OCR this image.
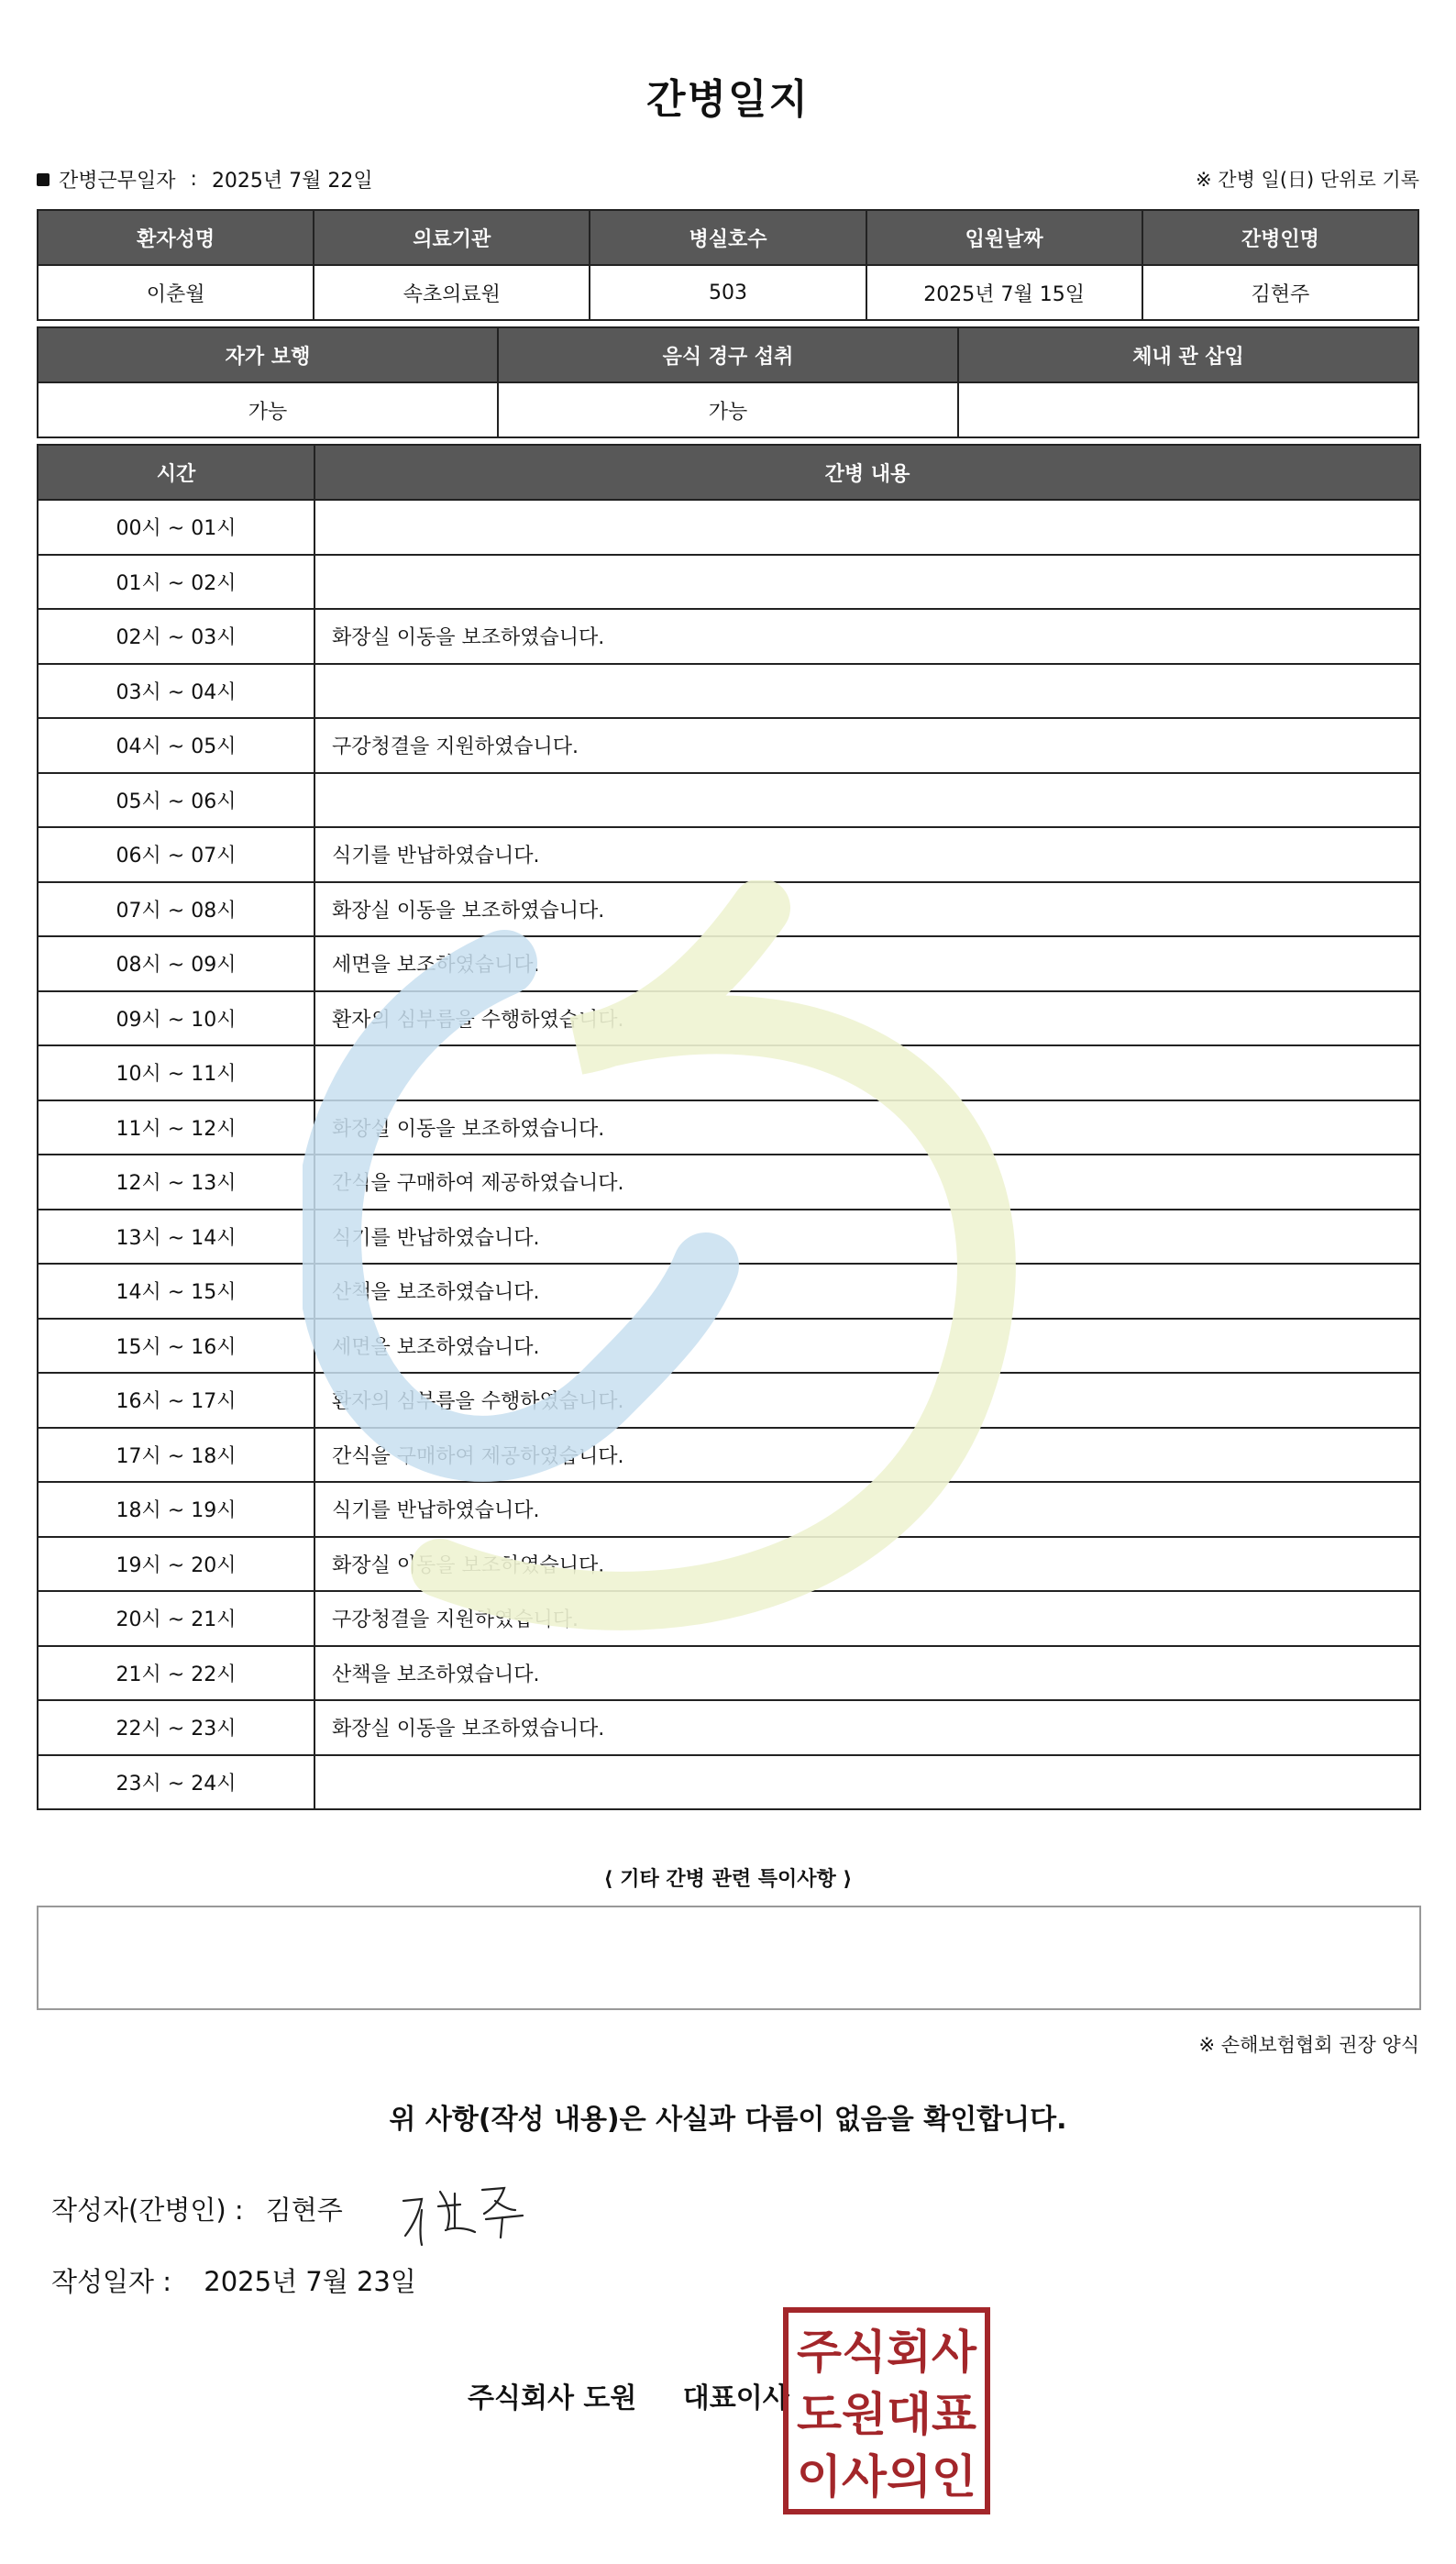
간병일지
간병근무일자 : 2025년 7월 22일	※ 간병 일(日) 단위로 기록
환자성명	의료기관	병실호수	입원날짜	간병인명
이춘월	속초의료원	503	2025년 7월 15일	김현주
자가 보행	음식 경구 섭취	체내 관 삽입
가능	가능	
시간	간병 내용
00시 ~ 01시	
01시 ~ 02시	
02시 ~ 03시	화장실 이동을 보조하였습니다.
03시 ~ 04시	
04시 ~ 05시	구강청결을 지원하였습니다.
05시 ~ 06시	
06시 ~ 07시	식기를 반납하였습니다.
07시 ~ 08시	화장실 이동을 보조하였습니다.
08시 ~ 09시	세면을 보조하였습니다.
09시 ~ 10시	환자의 심부름을 수행하였습니다.
10시 ~ 11시	
11시 ~ 12시	화장실 이동을 보조하였습니다.
12시 ~ 13시	간식을 구매하여 제공하였습니다.
13시 ~ 14시	식기를 반납하였습니다.
14시 ~ 15시	산책을 보조하였습니다.
15시 ~ 16시	세면을 보조하였습니다.
16시 ~ 17시	환자의 심부름을 수행하였습니다.
17시 ~ 18시	간식을 구매하여 제공하였습니다.
18시 ~ 19시	식기를 반납하였습니다.
19시 ~ 20시	화장실 이동을 보조하였습니다.
20시 ~ 21시	구강청결을 지원하였습니다.
21시 ~ 22시	산책을 보조하였습니다.
22시 ~ 23시	화장실 이동을 보조하였습니다.
23시 ~ 24시	
⟨ 기타 간병 관련 특이사항 ⟩
※ 손해보험협회 권장 양식
위 사항(작성 내용)은 사실과 다름이 없음을 확인합니다.
작성자(간병인) : 김현주
작성일자 : 2025년 7월 23일
주식회사 도원 대표이사
주식회사
도원대표
이사의인
